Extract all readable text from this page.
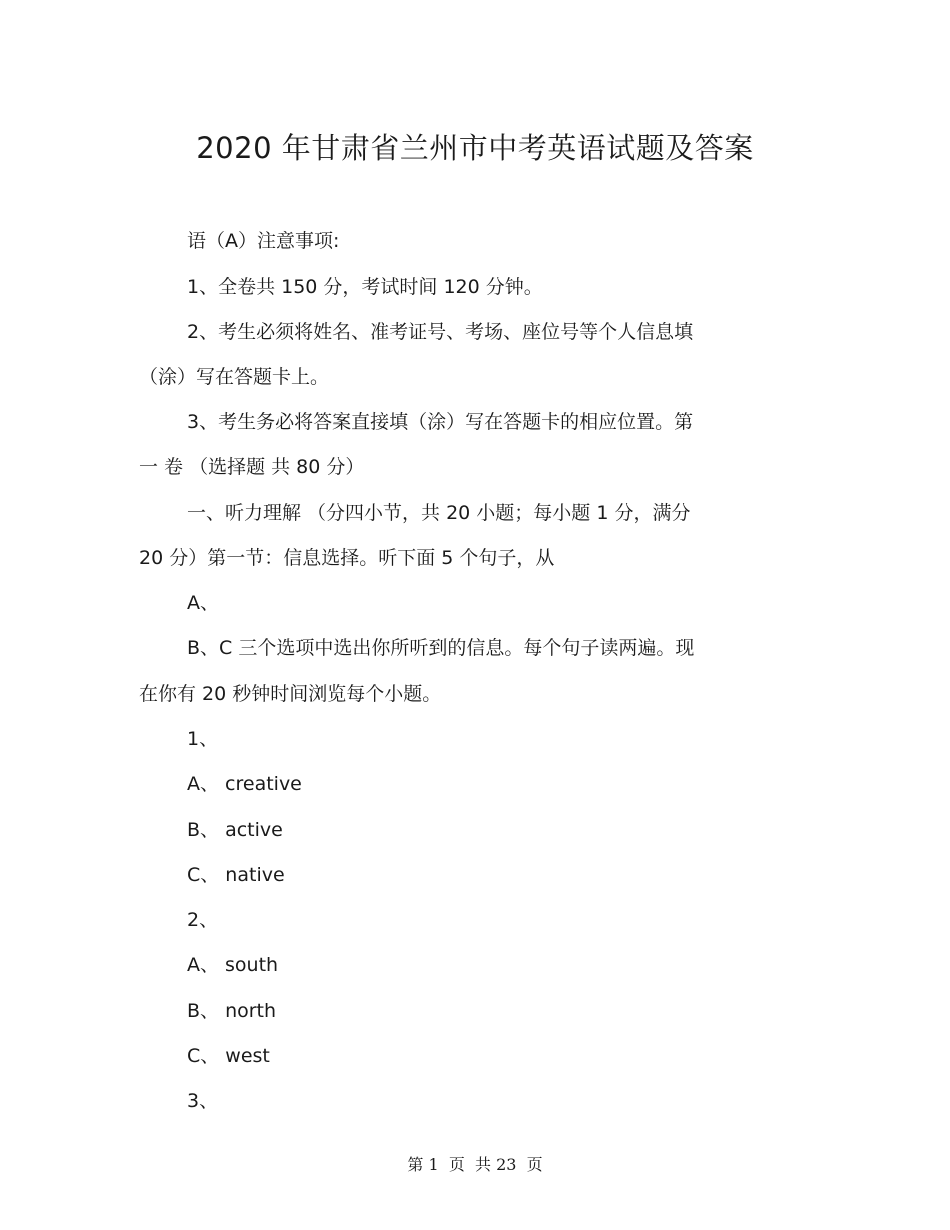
2020 年甘肃省兰州市中考英语试题及答案
语（A）注意事项:
1、全卷共 150 分，考试时间 120 分钟。
2、考生必须将姓名、准考证号、考场、座位号等个人信息填
（涂）写在答题卡上。
3、考生务必将答案直接填（涂）写在答题卡的相应位置。第
一 卷 （选择题 共 80 分）
一、听力理解 （分四小节，共 20 小题；每小题 1 分，满分
20 分）第一节：信息选择。听下面 5 个句子，从
A、
B、C 三个选项中选出你所听到的信息。每个句子读两遍。现
在你有 20 秒钟时间浏览每个小题。
1、
A、 creative
B、 active
C、 native
2、
A、 south
B、 north
C、 west
3、
第 1  页  共 23  页
